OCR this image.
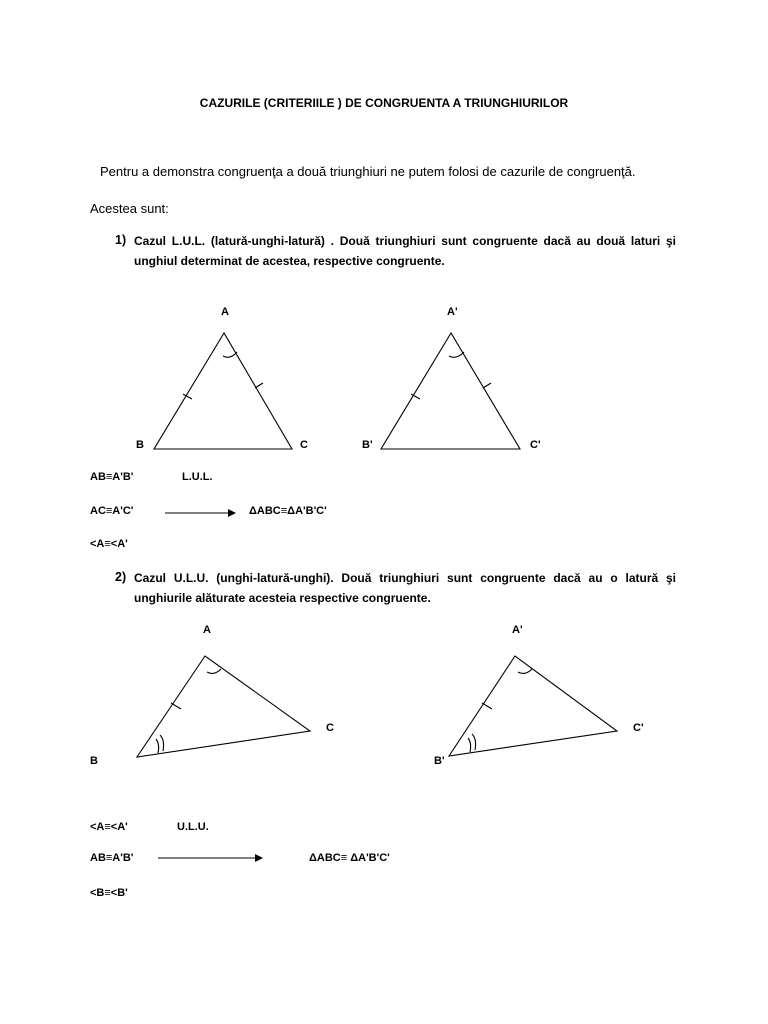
CAZURILE (CRITERIILE ) DE CONGRUENTA A TRIUNGHIURILOR
Pentru a demonstra congruenţa a două triunghiuri ne putem folosi de cazurile de congruenţă.
Acestea sunt:
1) Cazul L.U.L. (latură-unghi-latură) . Două triunghiuri sunt congruente dacă au două laturi şi unghiul determinat de acestea, respective congruente.
A
B	C
A'
B'	C'
AB≡A'B'	L.U.L.
AC≡A'C'	ΔABC≡ΔA'B'C'
<A≡<A'
2) Cazul U.L.U. (unghi-latură-unghi). Două triunghiuri sunt congruente dacă au o latură şi unghiurile alăturate acesteia respective congruente.
A
B
C
A'
B'
C'
<A≡<A'	U.L.U.
AB≡A'B'	ΔABC≡ ΔA'B'C'
<B≡<B'
